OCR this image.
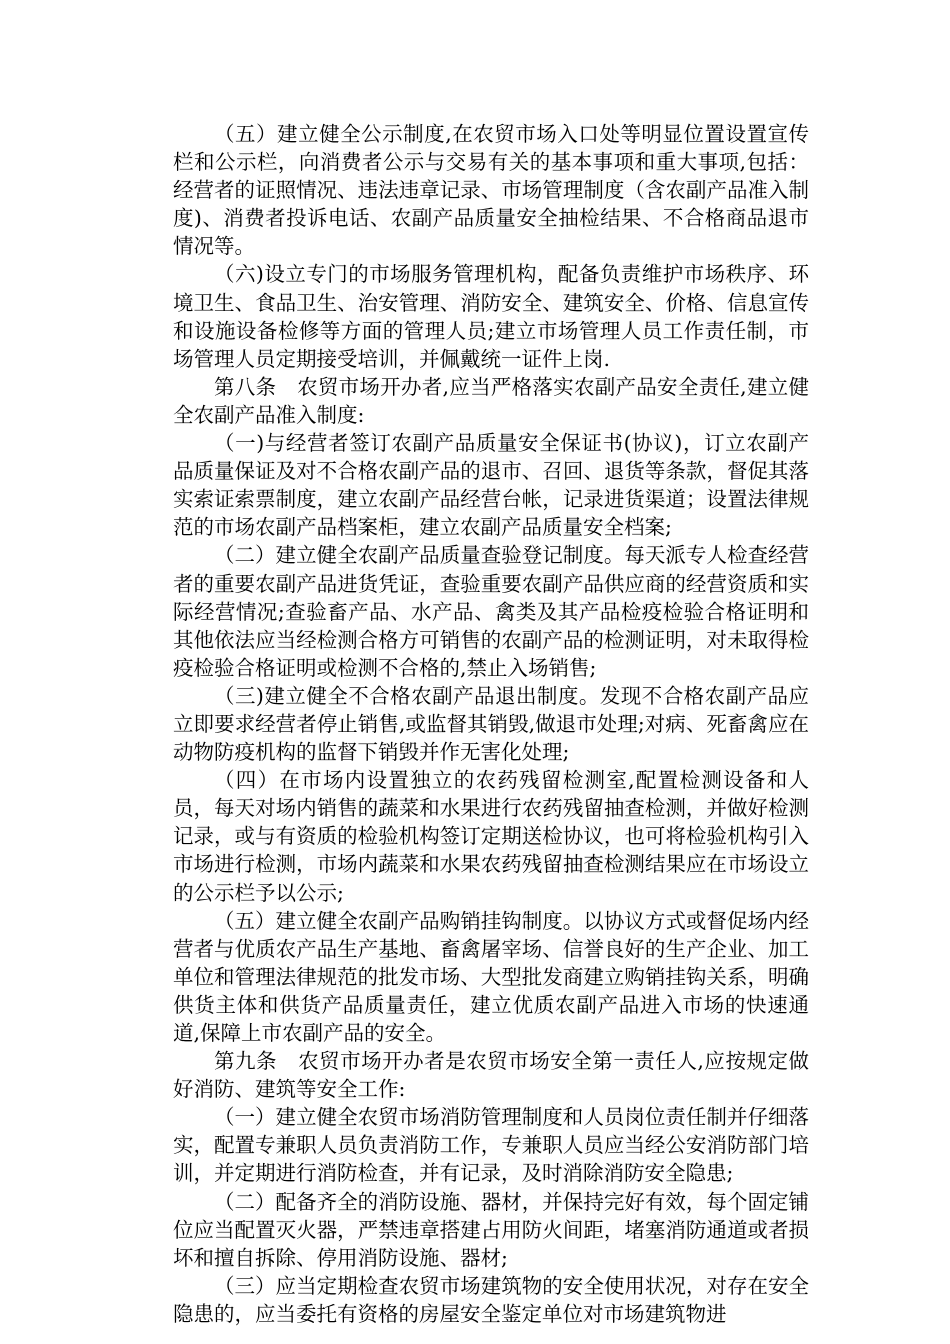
（五）建立健全公示制度,在农贸市场入口处等明显位置设置宣传栏和公示栏，向消费者公示与交易有关的基本事项和重大事项,包括：经营者的证照情况、违法违章记录、市场管理制度（含农副产品准入制度)、消费者投诉电话、农副产品质量安全抽检结果、不合格商品退市情况等。

（六)设立专门的市场服务管理机构，配备负责维护市场秩序、环境卫生、食品卫生、治安管理、消防安全、建筑安全、价格、信息宣传和设施设备检修等方面的管理人员;建立市场管理人员工作责任制，市场管理人员定期接受培训，并佩戴统一证件上岗.

第八条　农贸市场开办者,应当严格落实农副产品安全责任,建立健全农副产品准入制度:

（一)与经营者签订农副产品质量安全保证书(协议)，订立农副产品质量保证及对不合格农副产品的退市、召回、退货等条款，督促其落实索证索票制度，建立农副产品经营台帐，记录进货渠道；设置法律规范的市场农副产品档案柜，建立农副产品质量安全档案;

（二）建立健全农副产品质量查验登记制度。每天派专人检查经营者的重要农副产品进货凭证，查验重要农副产品供应商的经营资质和实际经营情况;查验畜产品、水产品、禽类及其产品检疫检验合格证明和其他依法应当经检测合格方可销售的农副产品的检测证明，对未取得检疫检验合格证明或检测不合格的,禁止入场销售;

（三)建立健全不合格农副产品退出制度。发现不合格农副产品应立即要求经营者停止销售,或监督其销毁,做退市处理;对病、死畜禽应在动物防疫机构的监督下销毁并作无害化处理;

（四）在市场内设置独立的农药残留检测室,配置检测设备和人员，每天对场内销售的蔬菜和水果进行农药残留抽查检测，并做好检测记录，或与有资质的检验机构签订定期送检协议，也可将检验机构引入市场进行检测，市场内蔬菜和水果农药残留抽查检测结果应在市场设立的公示栏予以公示;

（五）建立健全农副产品购销挂钩制度。以协议方式或督促场内经营者与优质农产品生产基地、畜禽屠宰场、信誉良好的生产企业、加工单位和管理法律规范的批发市场、大型批发商建立购销挂钩关系，明确供货主体和供货产品质量责任，建立优质农副产品进入市场的快速通道,保障上市农副产品的安全。

第九条　农贸市场开办者是农贸市场安全第一责任人,应按规定做好消防、建筑等安全工作:

（一）建立健全农贸市场消防管理制度和人员岗位责任制并仔细落实，配置专兼职人员负责消防工作，专兼职人员应当经公安消防部门培训，并定期进行消防检查，并有记录，及时消除消防安全隐患;

（二）配备齐全的消防设施、器材，并保持完好有效，每个固定铺位应当配置灭火器，严禁违章搭建占用防火间距，堵塞消防通道或者损坏和擅自拆除、停用消防设施、器材;

（三）应当定期检查农贸市场建筑物的安全使用状况，对存在安全隐患的，应当委托有资格的房屋安全鉴定单位对市场建筑物进
